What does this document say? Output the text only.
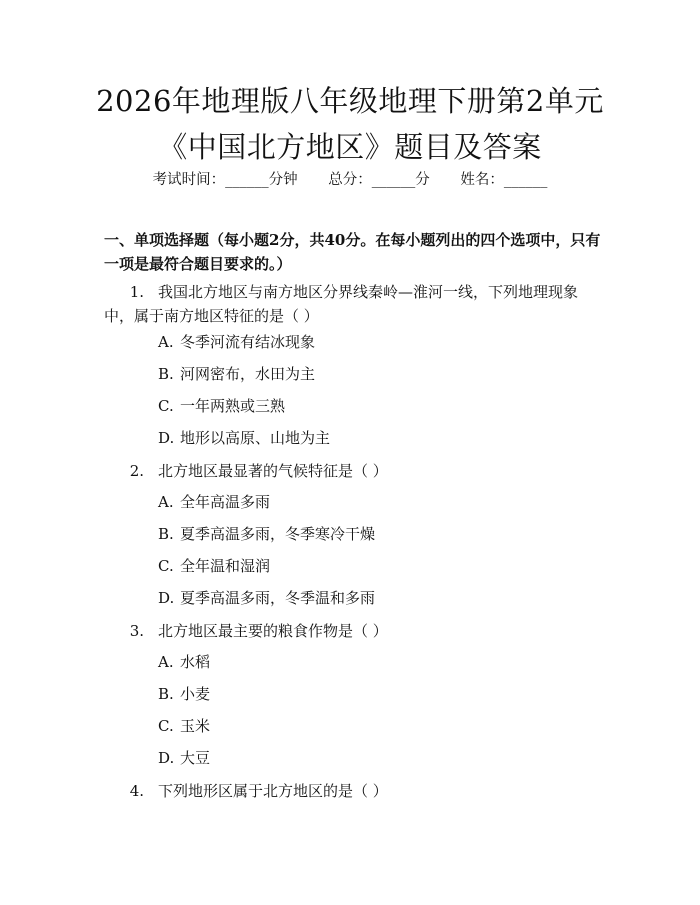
2026年地理版八年级地理下册第2单元《中国北方地区》题目及答案
考试时间：______分钟 总分：______分 姓名：______
一、单项选择题（每小题2分，共40分。在每小题列出的四个选项中，只有一项是最符合题目要求的。）
1. 我国北方地区与南方地区分界线秦岭—淮河一线，下列地理现象中，属于南方地区特征的是（ ）
A. 冬季河流有结冰现象
B. 河网密布，水田为主
C. 一年两熟或三熟
D. 地形以高原、山地为主
2. 北方地区最显著的气候特征是（ ）
A. 全年高温多雨
B. 夏季高温多雨，冬季寒冷干燥
C. 全年温和湿润
D. 夏季高温多雨，冬季温和多雨
3. 北方地区最主要的粮食作物是（ ）
A. 水稻
B. 小麦
C. 玉米
D. 大豆
4. 下列地形区属于北方地区的是（ ）
